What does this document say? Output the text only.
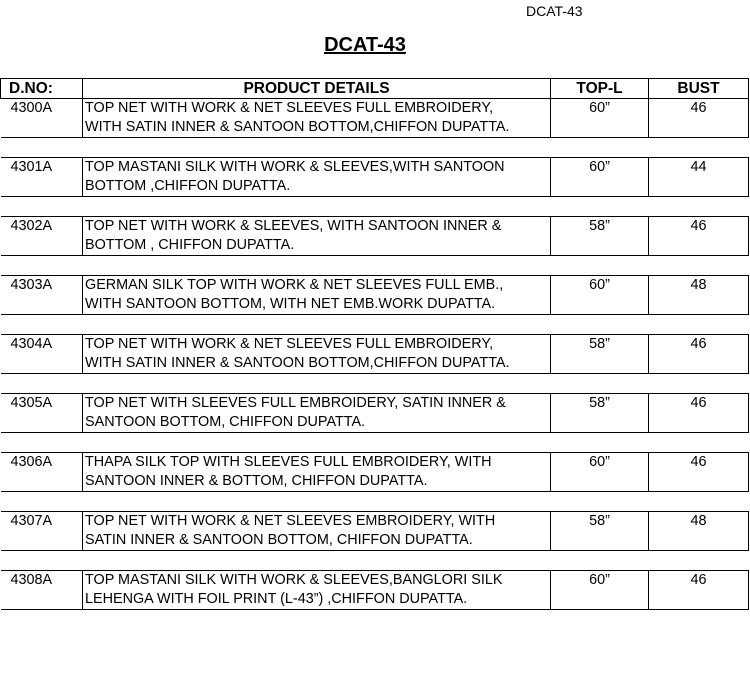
DCAT-43
DCAT-43
D.NO:	PRODUCT DETAILS	TOP-L	BUST
4300A	TOP NET WITH WORK & NET SLEEVES FULL EMBROIDERY,
WITH SATIN INNER & SANTOON BOTTOM,CHIFFON DUPATTA.	60”	46

4301A	TOP MASTANI SILK WITH WORK & SLEEVES,WITH SANTOON
BOTTOM ,CHIFFON DUPATTA.	60”	44

4302A	TOP NET WITH WORK & SLEEVES, WITH SANTOON INNER &
BOTTOM , CHIFFON DUPATTA.	58”	46

4303A	GERMAN SILK TOP WITH WORK & NET SLEEVES FULL EMB.,
WITH SANTOON BOTTOM, WITH NET EMB.WORK DUPATTA.	60”	48

4304A	TOP NET WITH WORK & NET SLEEVES FULL EMBROIDERY,
WITH SATIN INNER & SANTOON BOTTOM,CHIFFON DUPATTA.	58”	46

4305A	TOP NET WITH SLEEVES FULL EMBROIDERY, SATIN INNER &
SANTOON BOTTOM, CHIFFON DUPATTA.	58”	46

4306A	THAPA SILK TOP WITH SLEEVES FULL EMBROIDERY, WITH
SANTOON INNER & BOTTOM, CHIFFON DUPATTA.	60”	46

4307A	TOP NET WITH WORK & NET SLEEVES EMBROIDERY, WITH
SATIN INNER & SANTOON BOTTOM, CHIFFON DUPATTA.	58”	48

4308A	TOP MASTANI SILK WITH WORK & SLEEVES,BANGLORI SILK
LEHENGA WITH FOIL PRINT (L-43”) ,CHIFFON DUPATTA.	60”	46
